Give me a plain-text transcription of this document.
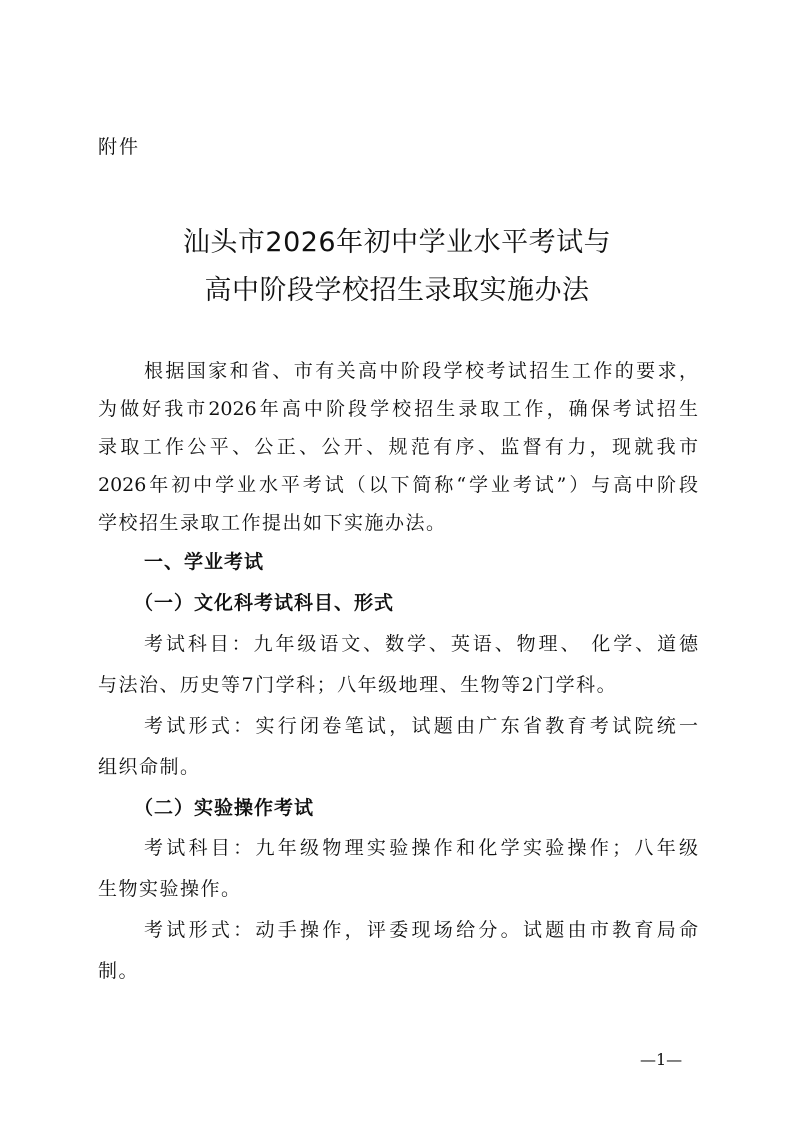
附件
汕头市2026年初中学业水平考试与
高中阶段学校招生录取实施办法
根据国家和省、市有关高中阶段学校考试招生工作的要求，
为做好我市2026年高中阶段学校招生录取工作，确保考试招生
录取工作公平、公正、公开、规范有序、监督有力，现就我市
2026年初中学业水平考试（以下简称“学业考试”）与高中阶段
学校招生录取工作提出如下实施办法。
一、学业考试
（一）文化科考试科目、形式
考试科目：九年级语文、数学、英语、物理、 化学、道德
与法治、历史等7门学科；八年级地理、生物等2门学科。
考试形式：实行闭卷笔试，试题由广东省教育考试院统一
组织命制。
（二）实验操作考试
考试科目：九年级物理实验操作和化学实验操作；八年级
生物实验操作。
考试形式：动手操作，评委现场给分。试题由市教育局命
制。
—1—
